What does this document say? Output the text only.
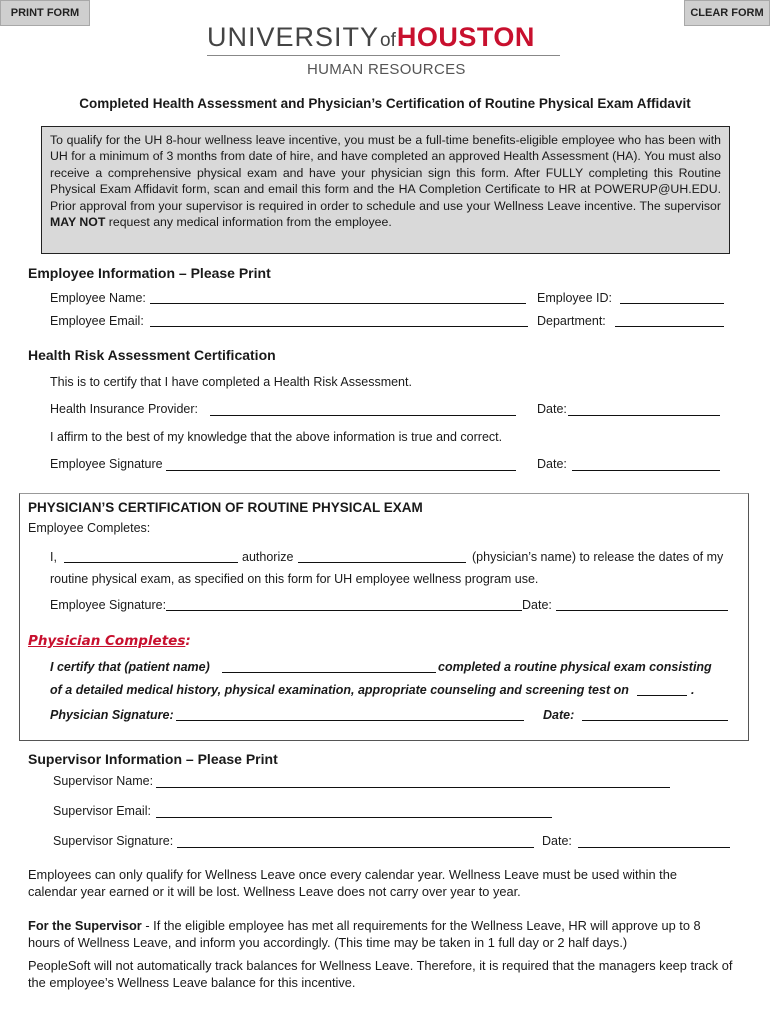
PRINT FORM	CLEAR FORM
UNIVERSITY of HOUSTON
HUMAN RESOURCES
Completed Health Assessment and Physician’s Certification of Routine Physical Exam Affidavit
To qualify for the UH 8-hour wellness leave incentive, you must be a full-time benefits-eligible employee who has been with UH for a minimum of 3 months from date of hire, and have completed an approved Health Assessment (HA). You must also receive a comprehensive physical exam and have your physician sign this form. After FULLY completing this Routine Physical Exam Affidavit form, scan and email this form and the HA Completion Certificate to HR at POWERUP@UH.EDU. Prior approval from your supervisor is required in order to schedule and use your Wellness Leave incentive. The supervisor MAY NOT request any medical information from the employee.
Employee Information – Please Print
Employee Name:	Employee ID:
Employee Email:	Department:
Health Risk Assessment Certification
This is to certify that I have completed a Health Risk Assessment.
Health Insurance Provider:	Date:
I affirm to the best of my knowledge that the above information is true and correct.
Employee Signature	Date:
PHYSICIAN’S CERTIFICATION OF ROUTINE PHYSICAL EXAM
Employee Completes:
I,	authorize	(physician’s name) to release the dates of my
routine physical exam, as specified on this form for UH employee wellness program use.
Employee Signature:	Date:
Physician Completes:
I certify that (patient name)	completed a routine physical exam consisting
of a detailed medical history, physical examination, appropriate counseling and screening test on	.
Physician Signature:	Date:
Supervisor Information – Please Print
Supervisor Name:
Supervisor Email:
Supervisor Signature:	Date:
Employees can only qualify for Wellness Leave once every calendar year. Wellness Leave must be used within the calendar year earned or it will be lost. Wellness Leave does not carry over year to year.
For the Supervisor - If the eligible employee has met all requirements for the Wellness Leave, HR will approve up to 8 hours of Wellness Leave, and inform you accordingly. (This time may be taken in 1 full day or 2 half days.)
PeopleSoft will not automatically track balances for Wellness Leave. Therefore, it is required that the managers keep track of the employee’s Wellness Leave balance for this incentive.
